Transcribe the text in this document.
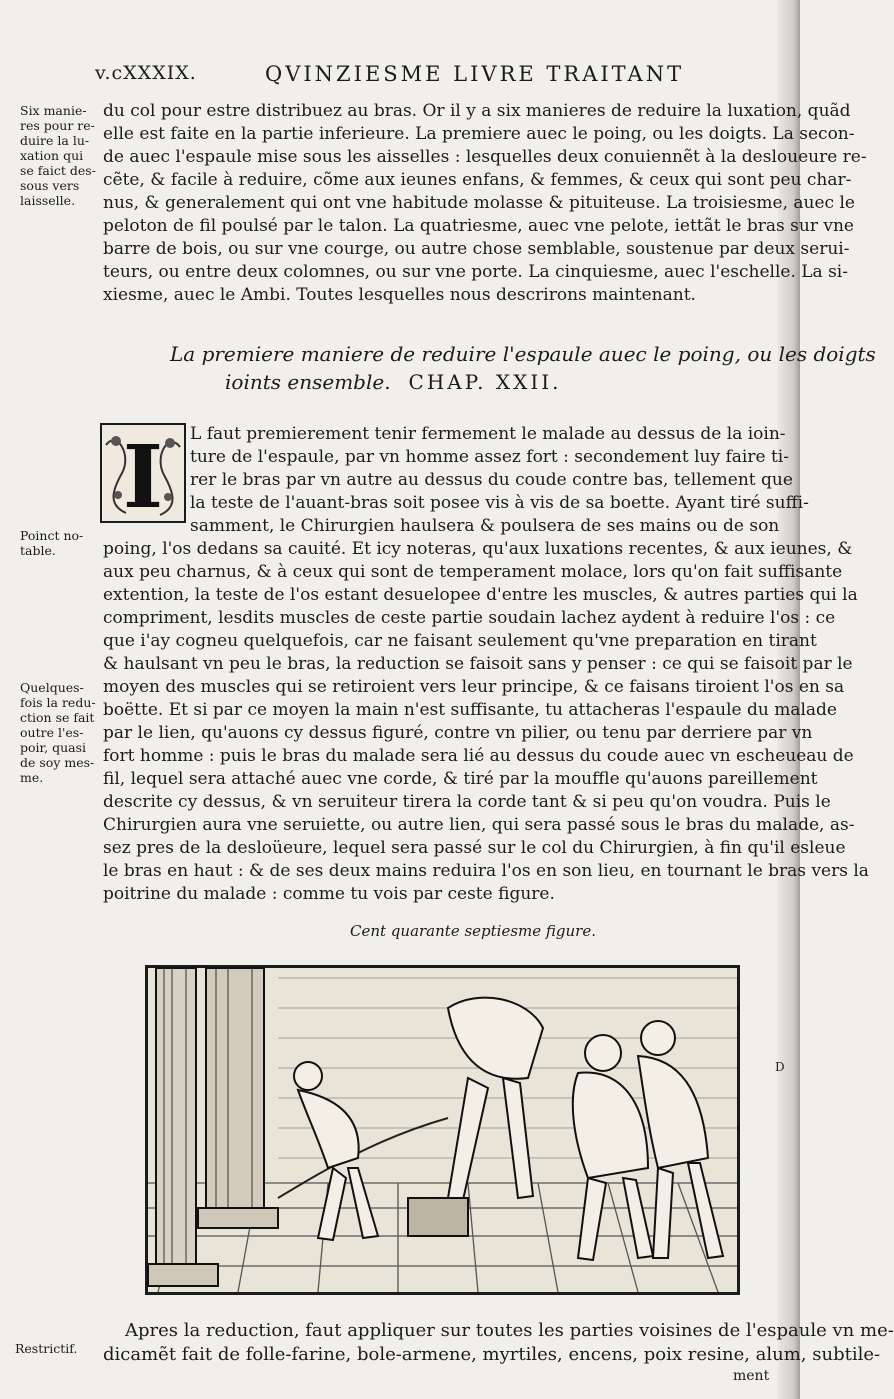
v.cXXXIX.	QVINZIESME LIVRE TRAITANT
Six manie-
res pour re-
duire la lu-
xation qui
se faict des-
sous vers
laisselle.
Poinct no-
table.
Quelques-
fois la redu-
ction se fait
outre l'es-
poir, quasi
de soy mes-
me.
Restrictif.
D
du col pour estre distribuez au bras. Or il y a six manieres de reduire la luxation, quãd
elle est faite en la partie inferieure. La premiere auec le poing, ou les doigts. La secon-
de auec l'espaule mise sous les aisselles : lesquelles deux conuiennẽt à la desloueure re-
cẽte, & facile à reduire, cõme aux ieunes enfans, & femmes, & ceux qui sont peu char-
nus, & generalement qui ont vne habitude molasse & pituiteuse. La troisiesme, auec le
peloton de fil poulsé par le talon. La quatriesme, auec vne pelote, iettãt le bras sur vne
barre de bois, ou sur vne courge, ou autre chose semblable, soustenue par deux serui-
teurs, ou entre deux colomnes, ou sur vne porte. La cinquiesme, auec l'eschelle. La si-
xiesme, auec le Ambi. Toutes lesquelles nous descrirons maintenant.
La premiere maniere de reduire l'espaule auec le poing, ou les doigts
ioints ensemble. CHAP. XXII.
I L faut premierement tenir fermement le malade au dessus de la ioin-
ture de l'espaule, par vn homme assez fort : secondement luy faire ti-
rer le bras par vn autre au dessus du coude contre bas, tellement que
la teste de l'auant-bras soit posee vis à vis de sa boette. Ayant tiré suffi-
samment, le Chirurgien haulsera & poulsera de ses mains ou de son
poing, l'os dedans sa cauité. Et icy noteras, qu'aux luxations recentes, & aux ieunes, &
aux peu charnus, & à ceux qui sont de temperament molace, lors qu'on fait suffisante
extention, la teste de l'os estant desuelopee d'entre les muscles, & autres parties qui la
compriment, lesdits muscles de ceste partie soudain lachez aydent à reduire l'os : ce
que i'ay cogneu quelquefois, car ne faisant seulement qu'vne preparation en tirant
& haulsant vn peu le bras, la reduction se faisoit sans y penser : ce qui se faisoit par le
moyen des muscles qui se retiroient vers leur principe, & ce faisans tiroient l'os en sa
boëtte. Et si par ce moyen la main n'est suffisante, tu attacheras l'espaule du malade
par le lien, qu'auons cy dessus figuré, contre vn pilier, ou tenu par derriere par vn
fort homme : puis le bras du malade sera lié au dessus du coude auec vn escheueau de
fil, lequel sera attaché auec vne corde, & tiré par la mouffle qu'auons pareillement
descrite cy dessus, & vn seruiteur tirera la corde tant & si peu qu'on voudra. Puis le
Chirurgien aura vne seruiette, ou autre lien, qui sera passé sous le bras du malade, as-
sez pres de la desloüeure, lequel sera passé sur le col du Chirurgien, à fin qu'il esleue
le bras en haut : & de ses deux mains reduira l'os en son lieu, en tournant le bras vers la
poitrine du malade : comme tu vois par ceste figure.
Cent quarante septiesme figure.
Apres la reduction, faut appliquer sur toutes les parties voisines de l'espaule vn me-
dicamẽt fait de folle-farine, bole-armene, myrtiles, encens, poix resine, alum, subtile-
ment
